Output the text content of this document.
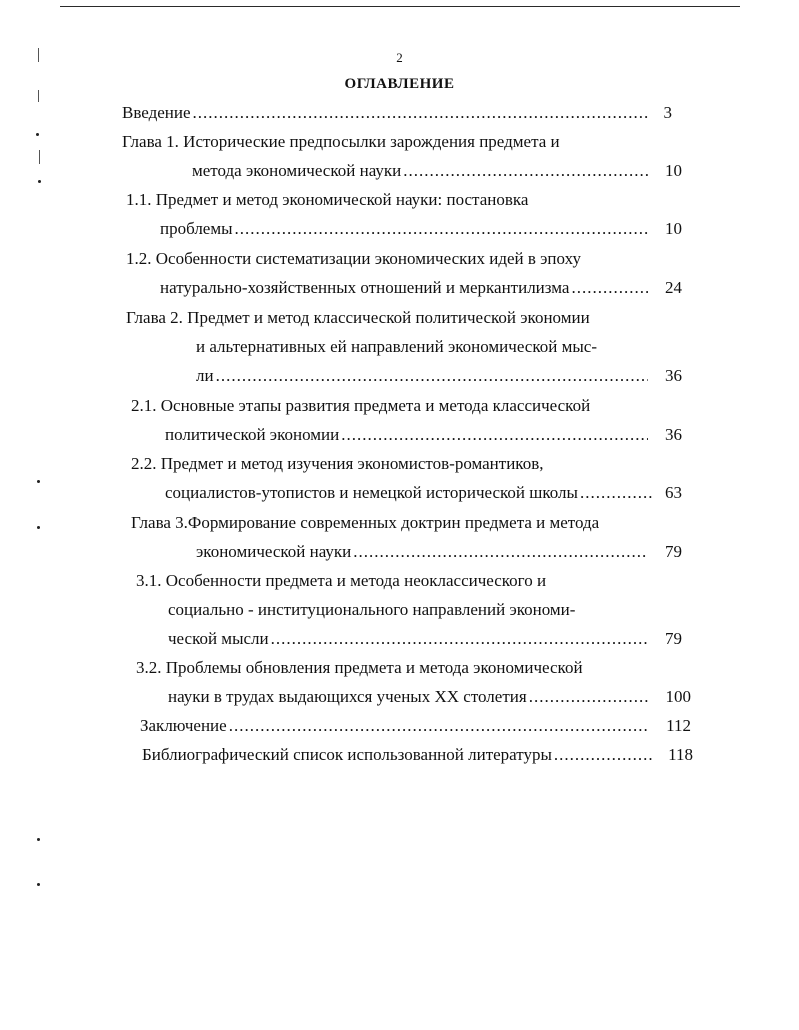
2
ОГЛАВЛЕНИЕ
Введение .....	3
Глава 1. Исторические предпосылки зарождения предмета и
метода экономической науки .....	10
1.1. Предмет и метод экономической науки: постановка
проблемы .....	10
1.2. Особенности систематизации экономических идей в эпоху
натурально-хозяйственных отношений и меркантилизма .....	24
Глава 2. Предмет и метод классической политической экономии
и альтернативных ей направлений экономической мыс-
ли .....	36
2.1. Основные этапы развития предмета и метода классической
политической экономии .....	36
2.2. Предмет и метод изучения экономистов-романтиков,
социалистов-утопистов и немецкой исторической школы .....	63
Глава 3.Формирование современных доктрин предмета и метода
экономической науки .....	79
3.1. Особенности предмета и метода неоклассического и
социально - институционального направлений экономи-
ческой мысли .....	79
3.2. Проблемы обновления предмета и метода экономической
науки в трудах выдающихся ученых XX столетия .....	100
Заключение .....	112
Библиографический список использованной литературы .....	118
